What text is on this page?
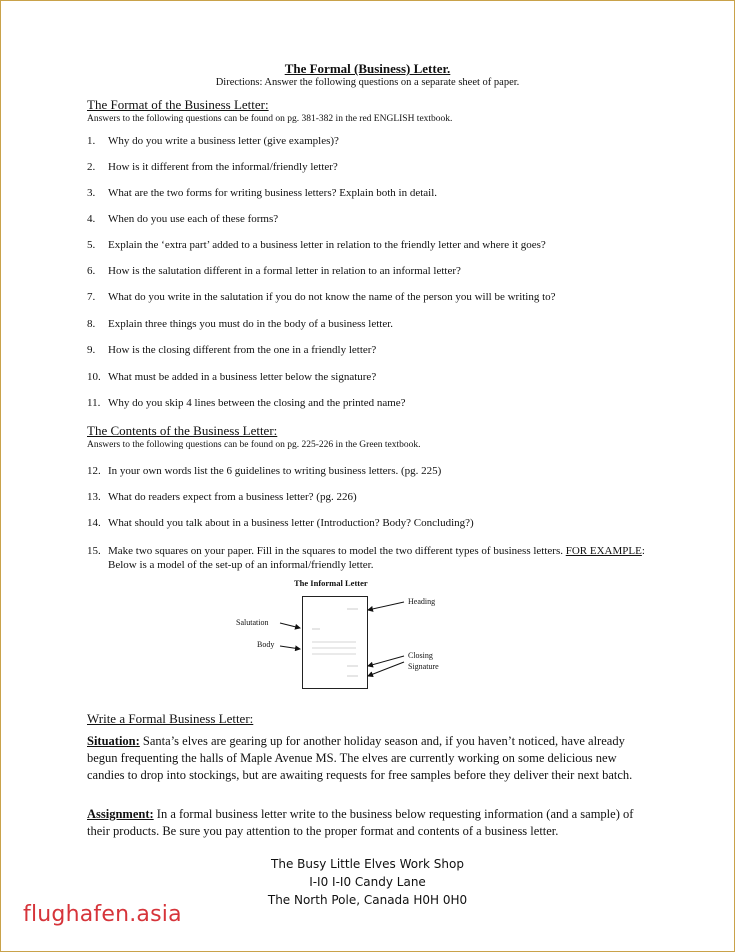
The Formal (Business) Letter.
Directions: Answer the following questions on a separate sheet of paper.
The Format of the Business Letter:
Answers to the following questions can be found on pg. 381-382 in the red ENGLISH textbook.
1. Why do you write a business letter (give examples)?
2. How is it different from the informal/friendly letter?
3. What are the two forms for writing business letters? Explain both in detail.
4. When do you use each of these forms?
5. Explain the ‘extra part’ added to a business letter in relation to the friendly letter and where it goes?
6. How is the salutation different in a formal letter in relation to an informal letter?
7. What do you write in the salutation if you do not know the name of the person you will be writing to?
8. Explain three things you must do in the body of a business letter.
9. How is the closing different from the one in a friendly letter?
10. What must be added in a business letter below the signature?
11. Why do you skip 4 lines between the closing and the printed name?
The Contents of the Business Letter:
Answers to the following questions can be found on pg. 225-226 in the Green textbook.
12. In your own words list the 6 guidelines to writing business letters. (pg. 225)
13. What do readers expect from a business letter? (pg. 226)
14. What should you talk about in a business letter (Introduction? Body? Concluding?)
15. Make two squares on your paper. Fill in the squares to model the two different types of business letters. FOR EXAMPLE: Below is a model of the set-up of an informal/friendly letter.
The Informal Letter
Heading
Salutation
Body
Closing
Signature
Write a Formal Business Letter:
Situation: Santa’s elves are gearing up for another holiday season and, if you haven’t noticed, have already begun frequenting the halls of Maple Avenue MS. The elves are currently working on some delicious new candies to drop into stockings, but are awaiting requests for free samples before they deliver their next batch.
Assignment: In a formal business letter write to the business below requesting information (and a sample) of their products. Be sure you pay attention to the proper format and contents of a business letter.
The Busy Little Elves Work Shop
I-I0 I-I0 Candy Lane
The North Pole, Canada H0H 0H0
flughafen.asia
